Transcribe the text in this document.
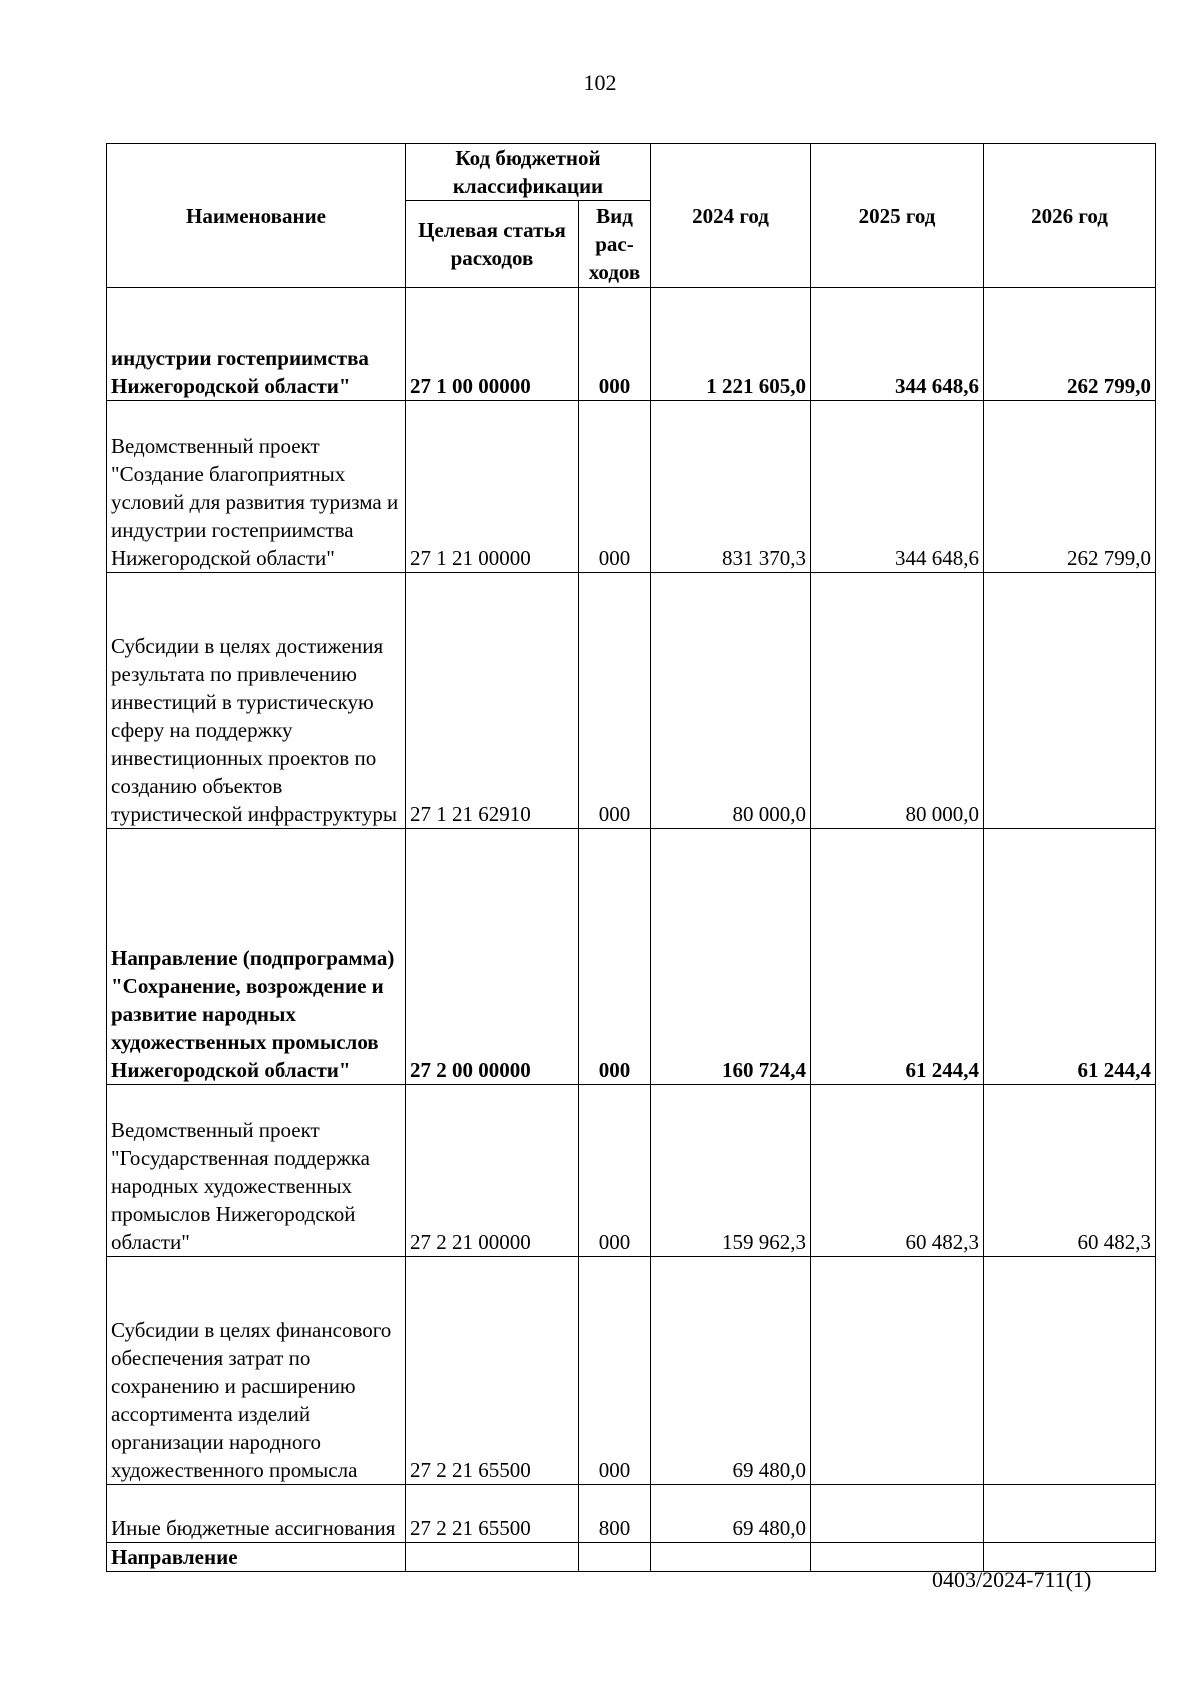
102
Наименование	Код бюджетной классификации		2024 год	2025 год	2026 год
	Целевая статья расходов	Вид рас-ходов			
индустрии гостеприимства Нижегородской области"	27 1 00 00000	000	1 221 605,0	344 648,6	262 799,0
Ведомственный проект "Создание благоприятных условий для развития туризма и индустрии гостеприимства Нижегородской области"	27 1 21 00000	000	831 370,3	344 648,6	262 799,0
Субсидии в целях достижения результата по привлечению инвестиций в туристическую сферу на поддержку инвестиционных проектов по созданию объектов туристической инфраструктуры	27 1 21 62910	000	80 000,0	80 000,0	
Направление (подпрограмма) "Сохранение, возрождение и развитие народных художественных промыслов Нижегородской области"	27 2 00 00000	000	160 724,4	61 244,4	61 244,4
Ведомственный проект "Государственная поддержка народных художественных промыслов Нижегородской области"	27 2 21 00000	000	159 962,3	60 482,3	60 482,3
Субсидии в целях финансового обеспечения затрат по сохранению и расширению ассортимента изделий организации народного художественного промысла	27 2 21 65500	000	69 480,0		
Иные бюджетные ассигнования	27 2 21 65500	800	69 480,0		
Направление					
0403/2024-711(1)
